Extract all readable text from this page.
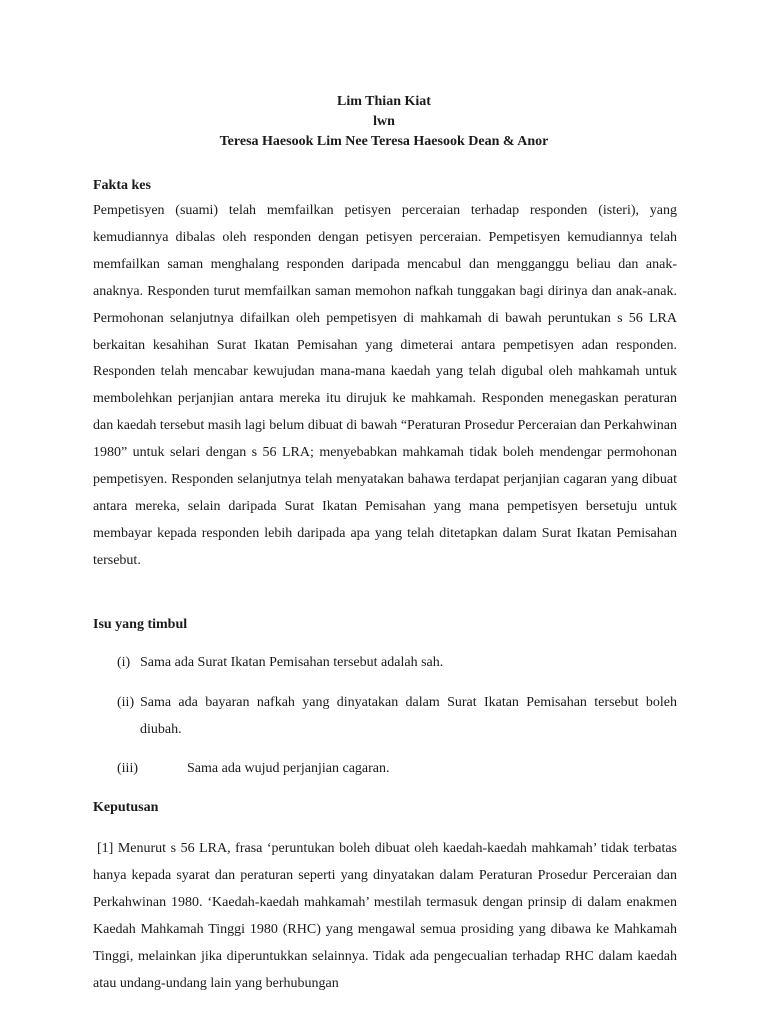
Lim Thian Kiat
lwn
Teresa Haesook Lim Nee Teresa Haesook Dean & Anor
Fakta kes
Pempetisyen (suami) telah memfailkan petisyen perceraian terhadap responden (isteri), yang kemudiannya dibalas oleh responden dengan petisyen perceraian. Pempetisyen kemudiannya telah memfailkan saman menghalang responden daripada mencabul dan mengganggu beliau dan anak-anaknya. Responden turut memfailkan saman memohon nafkah tunggakan bagi dirinya dan anak-anak. Permohonan selanjutnya difailkan oleh pempetisyen di mahkamah di bawah peruntukan s 56 LRA berkaitan kesahihan Surat Ikatan Pemisahan yang dimeterai antara pempetisyen adan responden. Responden telah mencabar kewujudan mana-mana kaedah yang telah digubal oleh mahkamah untuk membolehkan perjanjian antara mereka itu dirujuk ke mahkamah. Responden menegaskan peraturan dan kaedah tersebut masih lagi belum dibuat di bawah “Peraturan Prosedur Perceraian dan Perkahwinan 1980” untuk selari dengan s 56 LRA; menyebabkan mahkamah tidak boleh mendengar permohonan pempetisyen. Responden selanjutnya telah menyatakan bahawa terdapat perjanjian cagaran yang dibuat antara mereka, selain daripada Surat Ikatan Pemisahan yang mana pempetisyen bersetuju untuk membayar kepada responden lebih daripada apa yang telah ditetapkan dalam Surat Ikatan Pemisahan tersebut.
Isu yang timbul
(i) Sama ada Surat Ikatan Pemisahan tersebut adalah sah.
(ii) Sama ada bayaran nafkah yang dinyatakan dalam Surat Ikatan Pemisahan tersebut boleh diubah.
(iii)	Sama ada wujud perjanjian cagaran.
Keputusan
[1] Menurut s 56 LRA, frasa ‘peruntukan boleh dibuat oleh kaedah-kaedah mahkamah’ tidak terbatas hanya kepada syarat dan peraturan seperti yang dinyatakan dalam Peraturan Prosedur Perceraian dan Perkahwinan 1980. ‘Kaedah-kaedah mahkamah’ mestilah termasuk dengan prinsip di dalam enakmen Kaedah Mahkamah Tinggi 1980 (RHC) yang mengawal semua prosiding yang dibawa ke Mahkamah Tinggi, melainkan jika diperuntukkan selainnya. Tidak ada pengecualian terhadap RHC dalam kaedah atau undang-undang lain yang berhubungan
